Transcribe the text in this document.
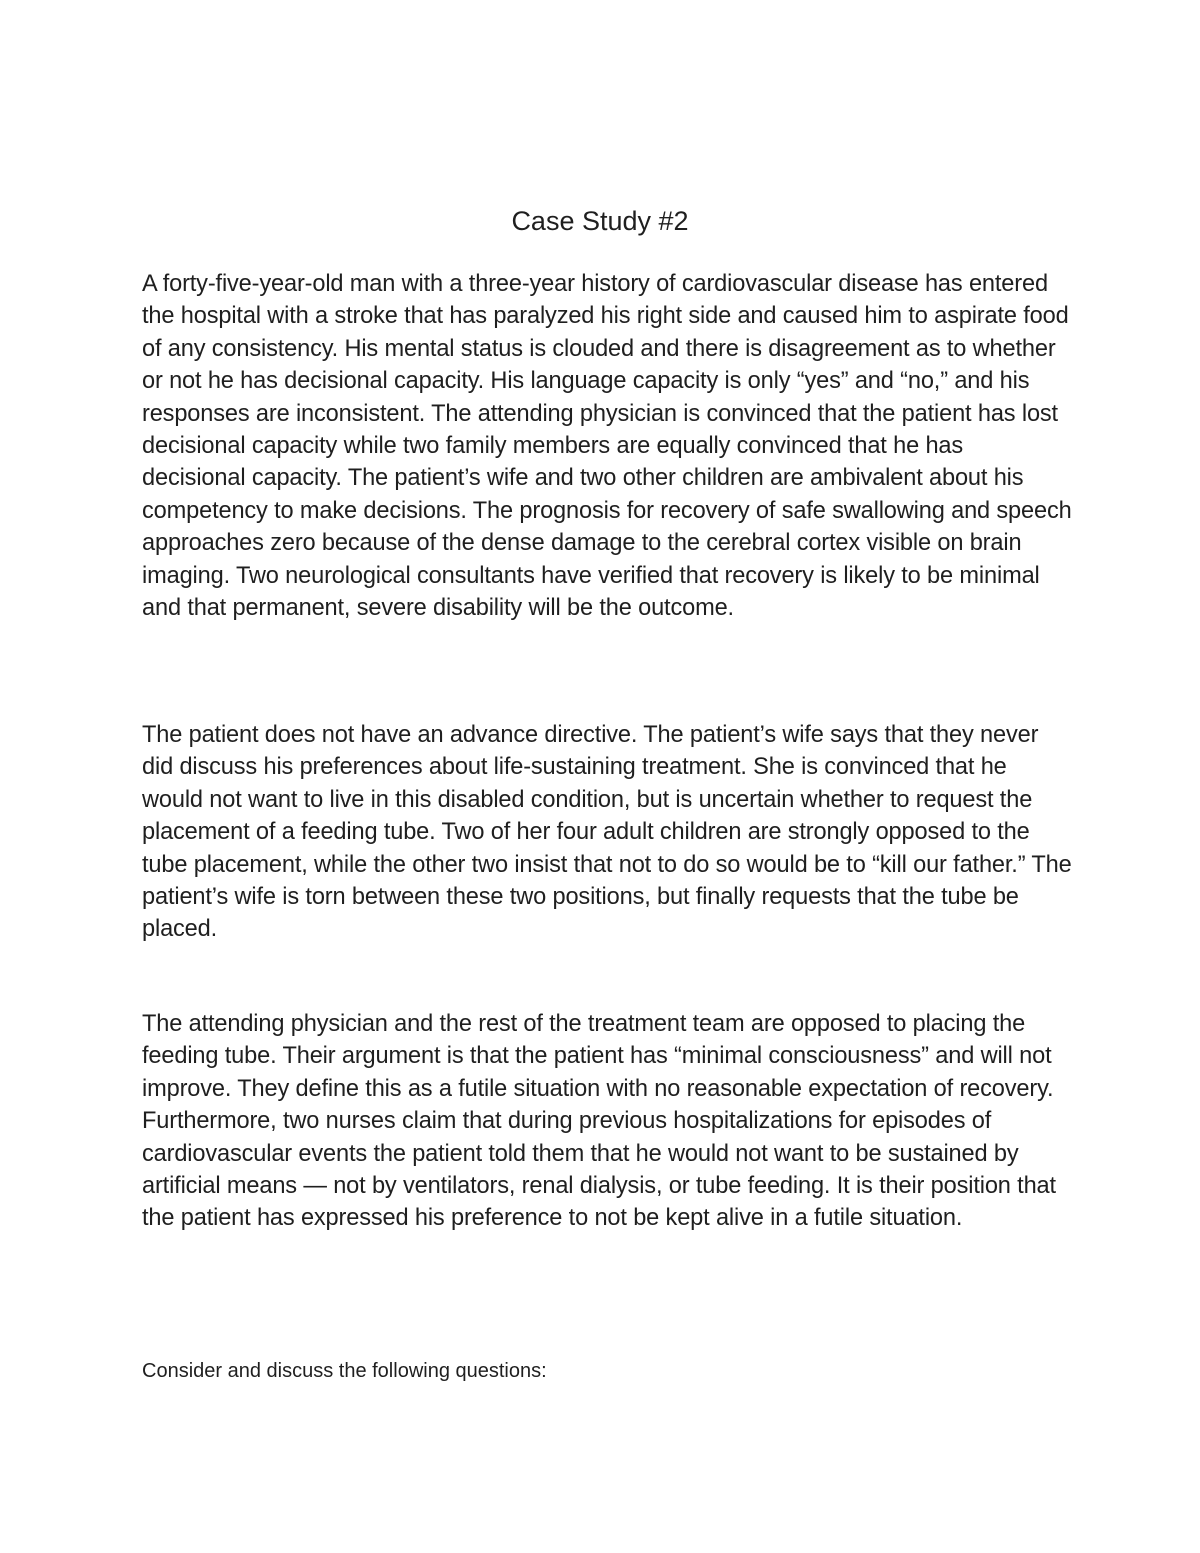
Case Study #2

A forty-five-year-old man with a three-year history of cardiovascular disease has entered the hospital with a stroke that has paralyzed his right side and caused him to aspirate food of any consistency. His mental status is clouded and there is disagreement as to whether or not he has decisional capacity. His language capacity is only “yes” and “no,” and his responses are inconsistent. The attending physician is convinced that the patient has lost decisional capacity while two family members are equally convinced that he has decisional capacity. The patient’s wife and two other children are ambivalent about his competency to make decisions. The prognosis for recovery of safe swallowing and speech approaches zero because of the dense damage to the cerebral cortex visible on brain imaging. Two neurological consultants have verified that recovery is likely to be minimal and that permanent, severe disability will be the outcome.

The patient does not have an advance directive. The patient’s wife says that they never did discuss his preferences about life-sustaining treatment. She is convinced that he would not want to live in this disabled condition, but is uncertain whether to request the placement of a feeding tube. Two of her four adult children are strongly opposed to the tube placement, while the other two insist that not to do so would be to “kill our father.” The patient’s wife is torn between these two positions, but finally requests that the tube be placed.

The attending physician and the rest of the treatment team are opposed to placing the feeding tube. Their argument is that the patient has “minimal consciousness” and will not improve. They define this as a futile situation with no reasonable expectation of recovery. Furthermore, two nurses claim that during previous hospitalizations for episodes of cardiovascular events the patient told them that he would not want to be sustained by artificial means — not by ventilators, renal dialysis, or tube feeding. It is their position that the patient has expressed his preference to not be kept alive in a futile situation.

Consider and discuss the following questions:
